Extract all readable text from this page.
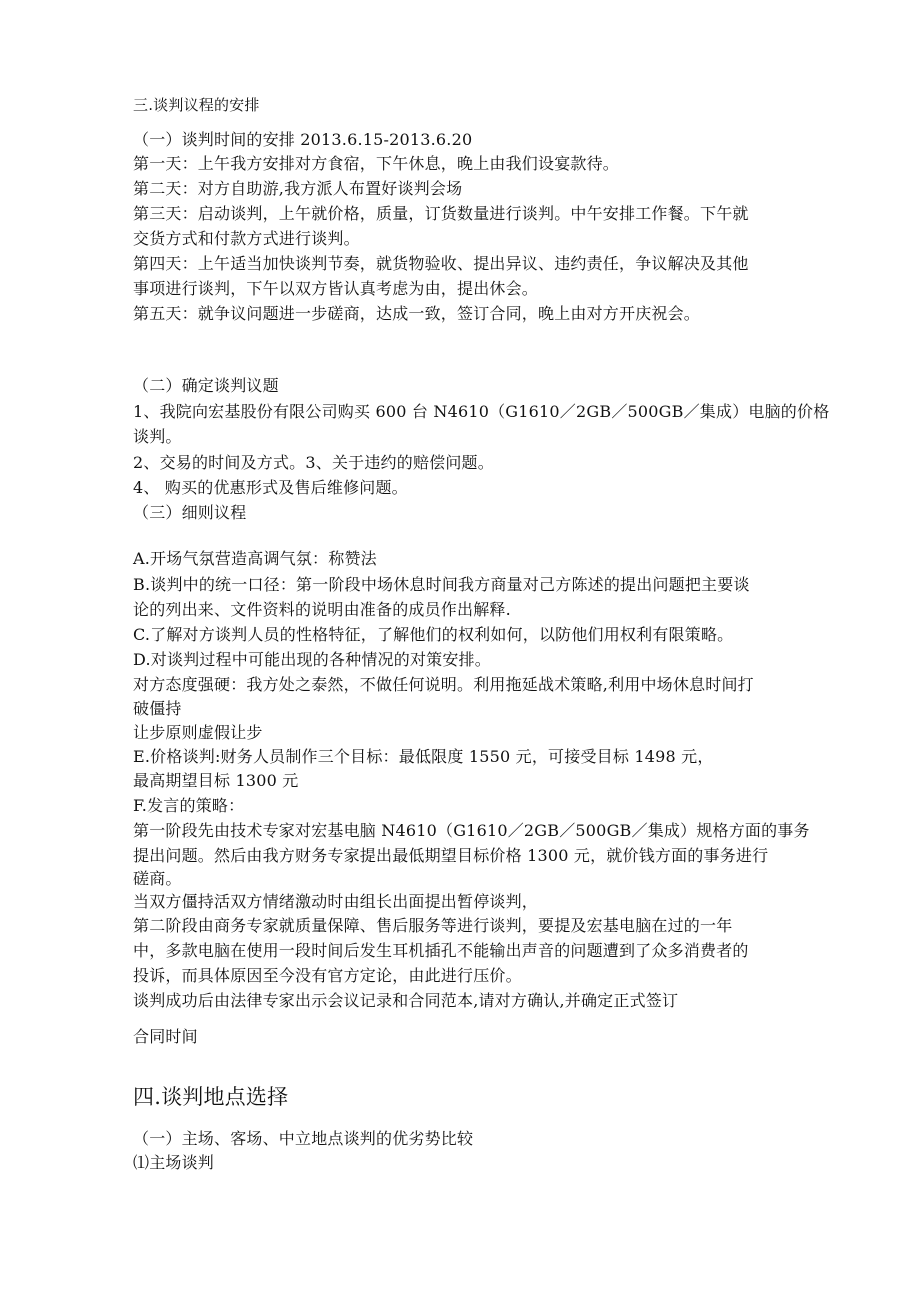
三.谈判议程的安排
（一）谈判时间的安排 2013.6.15-2013.6.20
第一天：上午我方安排对方食宿，下午休息，晚上由我们设宴款待。
第二天：对方自助游,我方派人布置好谈判会场
第三天：启动谈判，上午就价格，质量，订货数量进行谈判。中午安排工作餐。下午就
交货方式和付款方式进行谈判。
第四天：上午适当加快谈判节奏，就货物验收、提出异议、违约责任，争议解决及其他
事项进行谈判，下午以双方皆认真考虑为由，提出休会。
第五天：就争议问题进一步磋商，达成一致，签订合同，晚上由对方开庆祝会。
（二）确定谈判议题
1、我院向宏基股份有限公司购买 600 台 N4610（G1610／2GB／500GB／集成）电脑的价格
谈判。
2、交易的时间及方式。3、关于违约的赔偿问题。
4、 购买的优惠形式及售后维修问题。
（三）细则议程
A.开场气氛营造高调气氛：称赞法
B.谈判中的统一口径：第一阶段中场休息时间我方商量对己方陈述的提出问题把主要谈
论的列出来、文件资料的说明由准备的成员作出解释.
C.了解对方谈判人员的性格特征，了解他们的权利如何，以防他们用权利有限策略。
D.对谈判过程中可能出现的各种情况的对策安排。
对方态度强硬：我方处之泰然，不做任何说明。利用拖延战术策略,利用中场休息时间打
破僵持
让步原则虚假让步
E.价格谈判:财务人员制作三个目标：最低限度 1550 元，可接受目标 1498 元，
最高期望目标 1300 元
F.发言的策略：
第一阶段先由技术专家对宏基电脑 N4610（G1610／2GB／500GB／集成）规格方面的事务
提出问题。然后由我方财务专家提出最低期望目标价格 1300 元，就价钱方面的事务进行
磋商。
当双方僵持活双方情绪激动时由组长出面提出暂停谈判，
第二阶段由商务专家就质量保障、售后服务等进行谈判，要提及宏基电脑在过的一年
中，多款电脑在使用一段时间后发生耳机插孔不能输出声音的问题遭到了众多消费者的
投诉，而具体原因至今没有官方定论，由此进行压价。
谈判成功后由法律专家出示会议记录和合同范本,请对方确认,并确定正式签订
合同时间
四.谈判地点选择
（一）主场、客场、中立地点谈判的优劣势比较
⑴主场谈判
